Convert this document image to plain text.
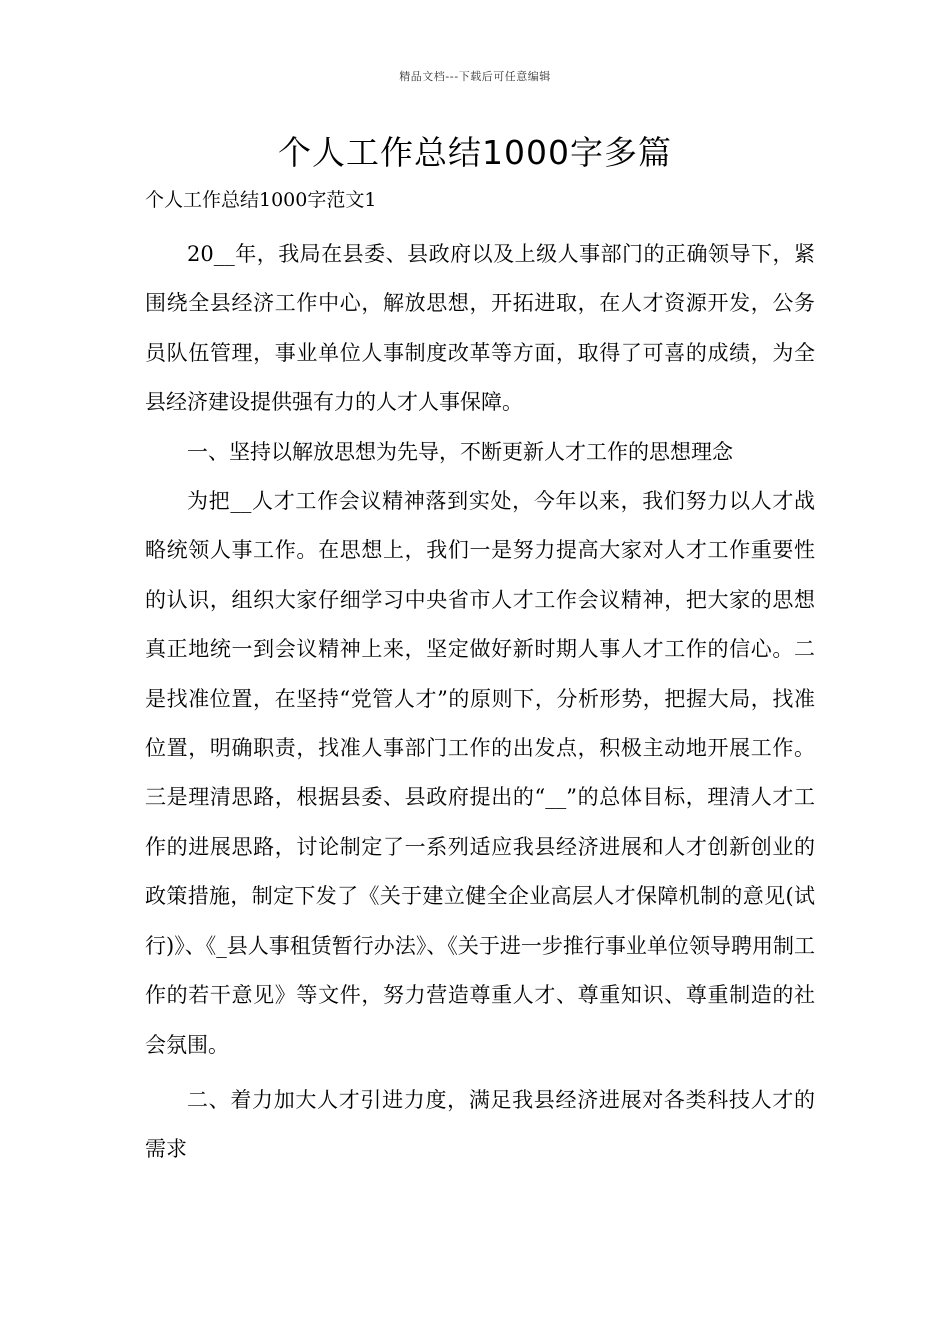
精品文档---下载后可任意编辑
个人工作总结1000字多篇

个人工作总结1000字范文1

20__年，我局在县委、县政府以及上级人事部门的正确领导下，紧围绕全县经济工作中心，解放思想，开拓进取，在人才资源开发，公务员队伍管理，事业单位人事制度改革等方面，取得了可喜的成绩，为全县经济建设提供强有力的人才人事保障。

一、坚持以解放思想为先导，不断更新人才工作的思想理念

为把__人才工作会议精神落到实处，今年以来，我们努力以人才战略统领人事工作。在思想上，我们一是努力提高大家对人才工作重要性的认识，组织大家仔细学习中央省市人才工作会议精神，把大家的思想真正地统一到会议精神上来，坚定做好新时期人事人才工作的信心。二是找准位置，在坚持“党管人才”的原则下，分析形势，把握大局，找准位置，明确职责，找准人事部门工作的出发点，积极主动地开展工作。三是理清思路，根据县委、县政府提出的“__”的总体目标，理清人才工作的进展思路，讨论制定了一系列适应我县经济进展和人才创新创业的政策措施，制定下发了《关于建立健全企业高层人才保障机制的意见(试行)》、《_县人事租赁暂行办法》、《关于进一步推行事业单位领导聘用制工作的若干意见》等文件，努力营造尊重人才、尊重知识、尊重制造的社会氛围。

二、着力加大人才引进力度，满足我县经济进展对各类科技人才的需求
